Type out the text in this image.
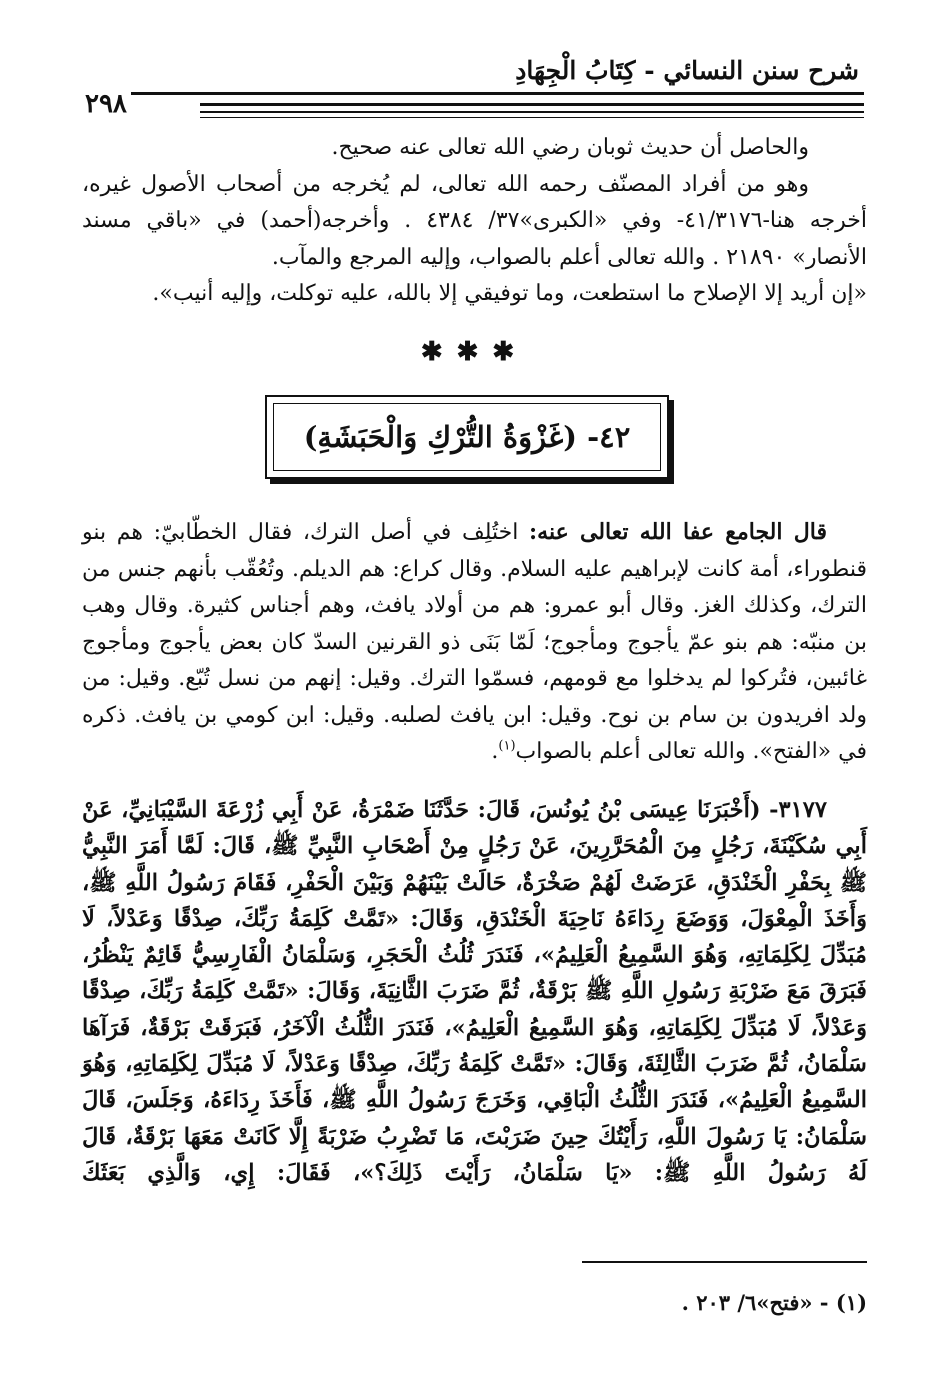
شرح سنن النسائي - كِتَابُ الْجِهَادِ
٢٩٨

والحاصل أن حديث ثوبان رضي الله تعالى عنه صحيح.

وهو من أفراد المصنّف رحمه الله تعالى، لم يُخرجه من أصحاب الأصول غيره، أخرجه هنا-٤١/٣١٧٦- وفي «الكبرى»٣٧/ ٤٣٨٤ . وأخرجه(أحمد) في «باقي مسند الأنصار» ٢١٨٩٠ . والله تعالى أعلم بالصواب، وإليه المرجع والمآب.

«إن أريد إلا الإصلاح ما استطعت، وما توفيقي إلا بالله، عليه توكلت، وإليه أنيب».

✱✱✱
٤٢- (غَزْوَةُ التُّرْكِ وَالْحَبَشَةِ)

قال الجامع عفا الله تعالى عنه: اختُلِف في أصل الترك، فقال الخطّابيّ: هم بنو قنطوراء، أمة كانت لإبراهيم عليه السلام. وقال كراع: هم الديلم. وتُعُقّب بأنهم جنس من الترك، وكذلك الغز. وقال أبو عمرو: هم من أولاد يافث، وهم أجناس كثيرة. وقال وهب بن منبّه: هم بنو عمّ يأجوج ومأجوج؛ لَمّا بَنَى ذو القرنين السدّ كان بعض يأجوج ومأجوج غائبين، فتُركوا لم يدخلوا مع قومهم، فسمّوا الترك. وقيل: إنهم من نسل تُبّع. وقيل: من ولد افريدون بن سام بن نوح. وقيل: ابن يافث لصلبه. وقيل: ابن كومي بن يافث. ذكره في «الفتح». والله تعالى أعلم بالصواب$^{(١)}$.

٣١٧٧- (أَخْبَرَنَا عِيسَى بْنُ يُونُسَ، قَالَ: حَدَّثَنَا ضَمْرَةُ، عَنْ أَبِي زُرْعَةَ السَّيْبَانِيِّ، عَنْ أَبِي سُكَيْنَةَ، رَجُلٍ مِنَ الْمُحَرَّرِينَ، عَنْ رَجُلٍ مِنْ أَصْحَابِ النَّبِيِّ ﷺ، قَالَ: لَمَّا أَمَرَ النَّبِيُّ ﷺ بِحَفْرِ الْخَنْدَقِ، عَرَضَتْ لَهُمْ صَخْرَةٌ، حَالَتْ بَيْنَهُمْ وَبَيْنَ الْحَفْرِ، فَقَامَ رَسُولُ اللَّهِ ﷺ، وَأَخَذَ الْمِعْوَلَ، وَوَضَعَ رِدَاءَهُ نَاحِيَةَ الْخَنْدَقِ، وَقَالَ: «تَمَّتْ كَلِمَةُ رَبِّكَ، صِدْقًا وَعَدْلاً، لَا مُبَدِّلَ لِكَلِمَاتِهِ، وَهُوَ السَّمِيعُ الْعَلِيمُ»، فَنَدَرَ ثُلُثُ الْحَجَرِ، وَسَلْمَانُ الْفَارِسِيُّ قَائِمٌ يَنْظُرُ، فَبَرَقَ مَعَ ضَرْبَةِ رَسُولِ اللَّهِ ﷺ بَرْقَةٌ، ثُمَّ ضَرَبَ الثَّانِيَةَ، وَقَالَ: «تَمَّتْ كَلِمَةُ رَبِّكَ، صِدْقًا وَعَدْلاً، لَا مُبَدِّلَ لِكَلِمَاتِهِ، وَهُوَ السَّمِيعُ الْعَلِيمُ»، فَنَدَرَ الثُّلُثُ الْآخَرُ، فَبَرَقَتْ بَرْقَةٌ، فَرَآهَا سَلْمَانُ، ثُمَّ ضَرَبَ الثَّالِثَةَ، وَقَالَ: «تَمَّتْ كَلِمَةُ رَبِّكَ، صِدْقًا وَعَدْلاً، لَا مُبَدِّلَ لِكَلِمَاتِهِ، وَهُوَ السَّمِيعُ الْعَلِيمُ»، فَنَدَرَ الثُّلُثُ الْبَاقِي، وَخَرَجَ رَسُولُ اللَّهِ ﷺ، فَأَخَذَ رِدَاءَهُ، وَجَلَسَ، قَالَ سَلْمَانُ: يَا رَسُولَ اللَّهِ، رَأَيْتُكَ حِينَ ضَرَبْتَ، مَا تَضْرِبُ ضَرْبَةً إِلَّا كَانَتْ مَعَهَا بَرْقَةٌ، قَالَ لَهُ رَسُولُ اللَّهِ ﷺ: «يَا سَلْمَانُ، رَأَيْتَ ذَلِكَ؟»، فَقَالَ: إِي، وَالَّذِي بَعَثَكَ

(١) - «فتح»٦/ ٢٠٣ .
